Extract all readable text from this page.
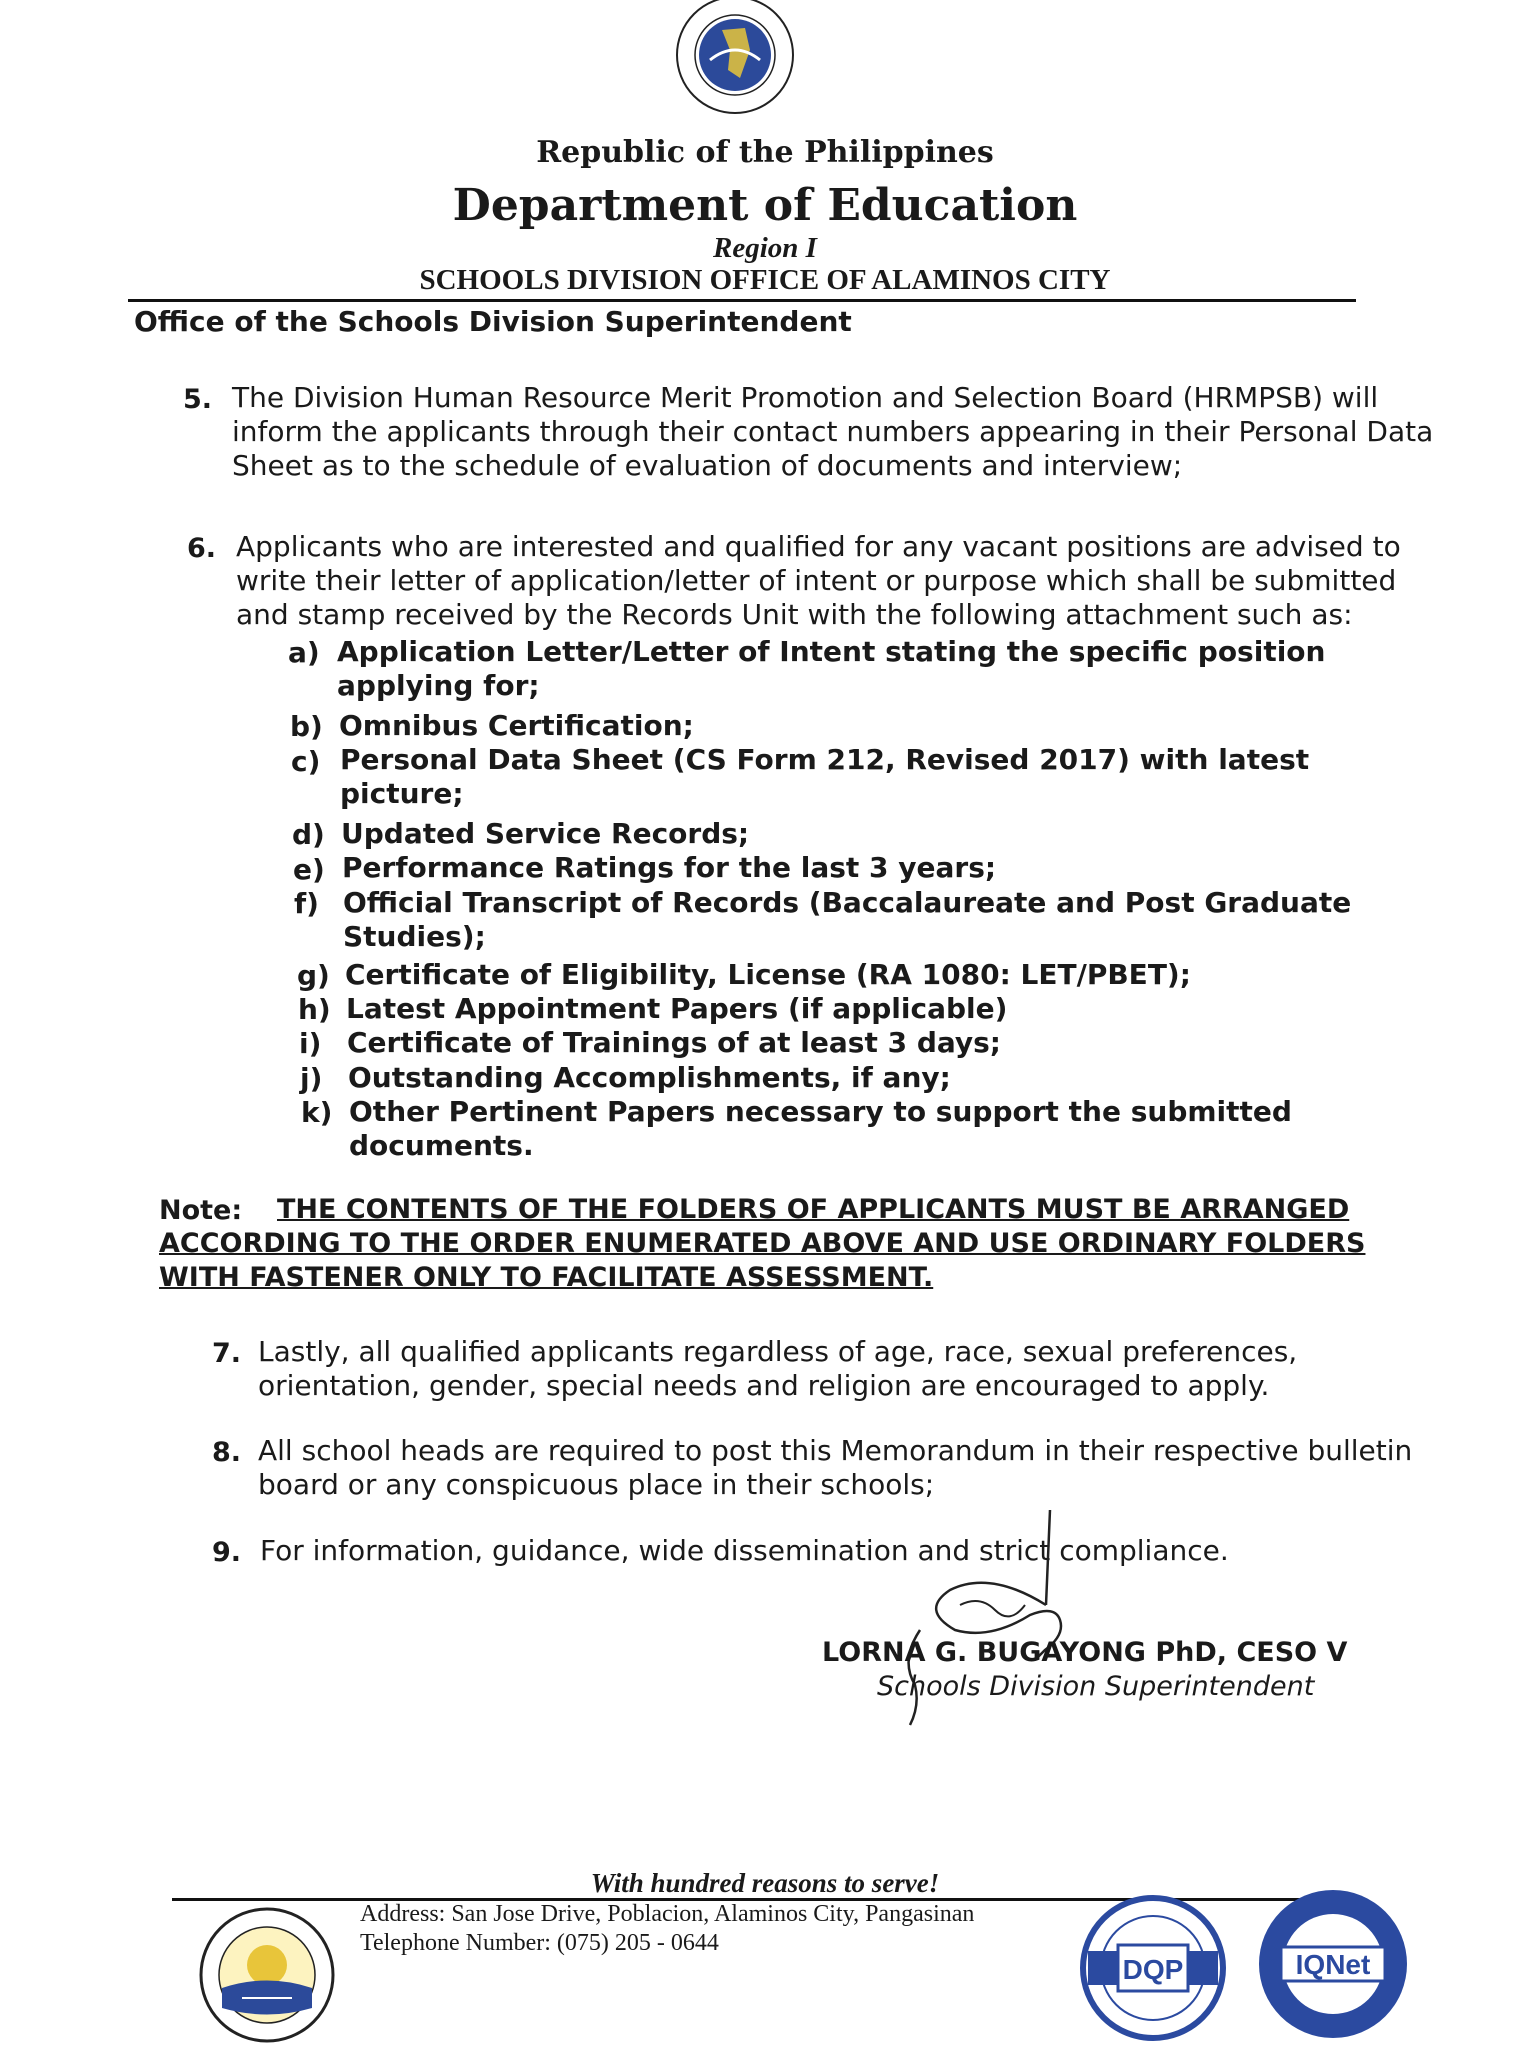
Republic of the Philippines
Department of Education
Region I
SCHOOLS DIVISION OFFICE OF ALAMINOS CITY
Office of the Schools Division Superintendent
5. The Division Human Resource Merit Promotion and Selection Board (HRMPSB) will
inform the applicants through their contact numbers appearing in their Personal Data
Sheet as to the schedule of evaluation of documents and interview;
6. Applicants who are interested and qualified for any vacant positions are advised to
write their letter of application/letter of intent or purpose which shall be submitted
and stamp received by the Records Unit with the following attachment such as:
a) Application Letter/Letter of Intent stating the specific position
applying for;
b) Omnibus Certification;
c) Personal Data Sheet (CS Form 212, Revised 2017) with latest
picture;
d) Updated Service Records;
e) Performance Ratings for the last 3 years;
f) Official Transcript of Records (Baccalaureate and Post Graduate
Studies);
g) Certificate of Eligibility, License (RA 1080: LET/PBET);
h) Latest Appointment Papers (if applicable)
i) Certificate of Trainings of at least 3 days;
j) Outstanding Accomplishments, if any;
k) Other Pertinent Papers necessary to support the submitted
documents.
Note: THE CONTENTS OF THE FOLDERS OF APPLICANTS MUST BE ARRANGED
ACCORDING TO THE ORDER ENUMERATED ABOVE AND USE ORDINARY FOLDERS
WITH FASTENER ONLY TO FACILITATE ASSESSMENT.
7. Lastly, all qualified applicants regardless of age, race, sexual preferences,
orientation, gender, special needs and religion are encouraged to apply.
8. All school heads are required to post this Memorandum in their respective bulletin
board or any conspicuous place in their schools;
9. For information, guidance, wide dissemination and strict compliance.
LORNA G. BUGAYONG PhD, CESO V
Schools Division Superintendent
With hundred reasons to serve!
Address: San Jose Drive, Poblacion, Alaminos City, Pangasinan
Telephone Number: (075) 205 - 0644
DQP	IQNet
